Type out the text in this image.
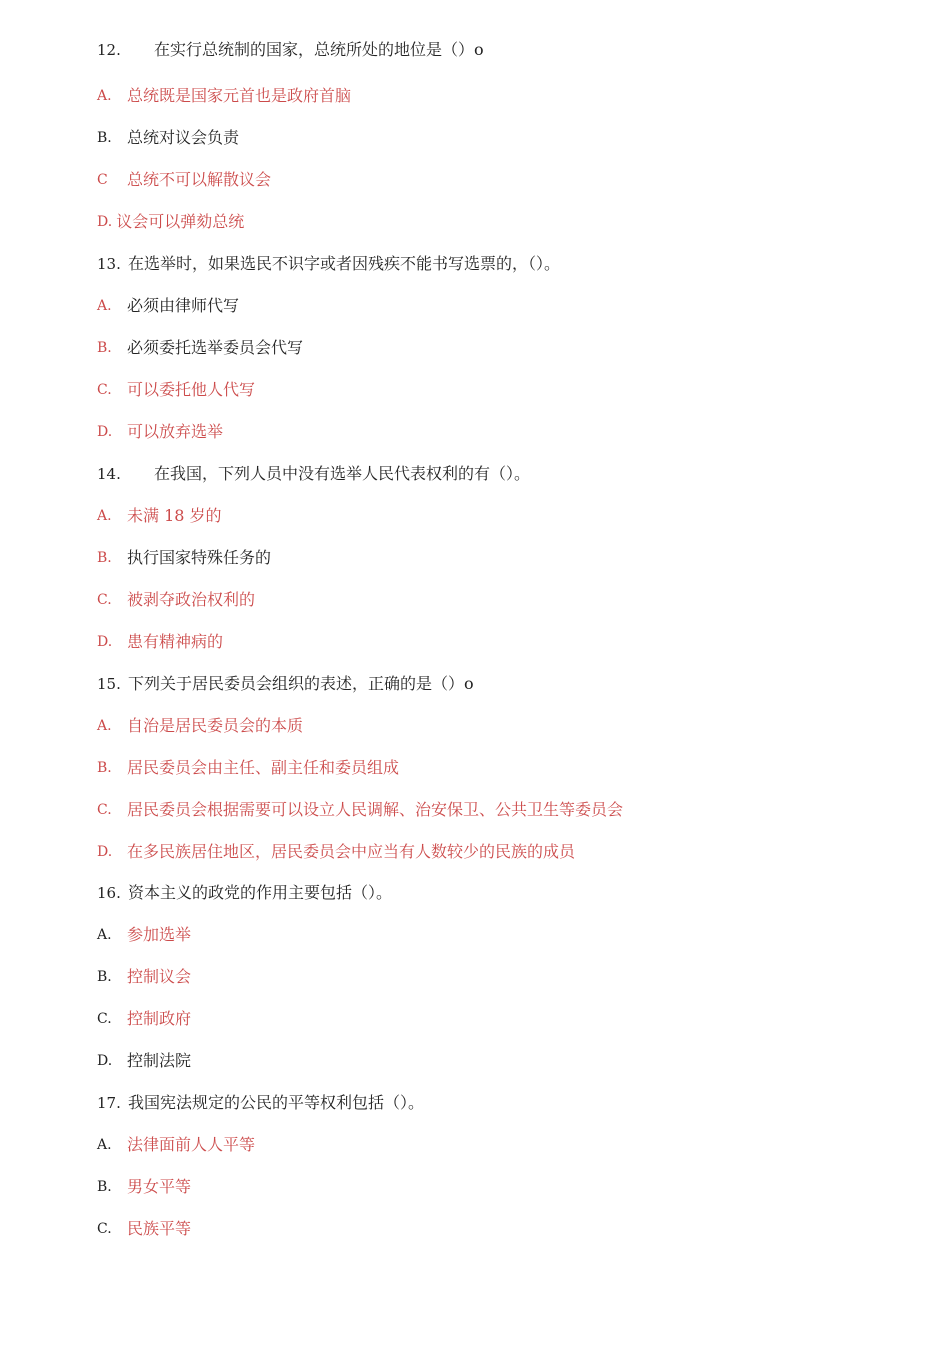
12.	在实行总统制的国家，总统所处的地位是（）o
A. 总统既是国家元首也是政府首脑
B. 总统对议会负责
C	总统不可以解散议会
D. 议会可以弹劾总统
13. 在选举时，如果选民不识字或者因残疾不能书写选票的，（）。
A. 必须由律师代写
B. 必须委托选举委员会代写
C. 可以委托他人代写
D. 可以放弃选举
14.	在我国，下列人员中没有选举人民代表权利的有（）。
A. 未满 18 岁的
B. 执行国家特殊任务的
C. 被剥夺政治权利的
D. 患有精神病的
15. 下列关于居民委员会组织的表述，正确的是（）o
A. 自治是居民委员会的本质
B. 居民委员会由主任、副主任和委员组成
C. 居民委员会根据需要可以设立人民调解、治安保卫、公共卫生等委员会
D. 在多民族居住地区，居民委员会中应当有人数较少的民族的成员
16. 资本主义的政党的作用主要包括（）。
A. 参加选举
B. 控制议会
C. 控制政府
D. 控制法院
17. 我国宪法规定的公民的平等权利包括（）。
A. 法律面前人人平等
B. 男女平等
C. 民族平等
